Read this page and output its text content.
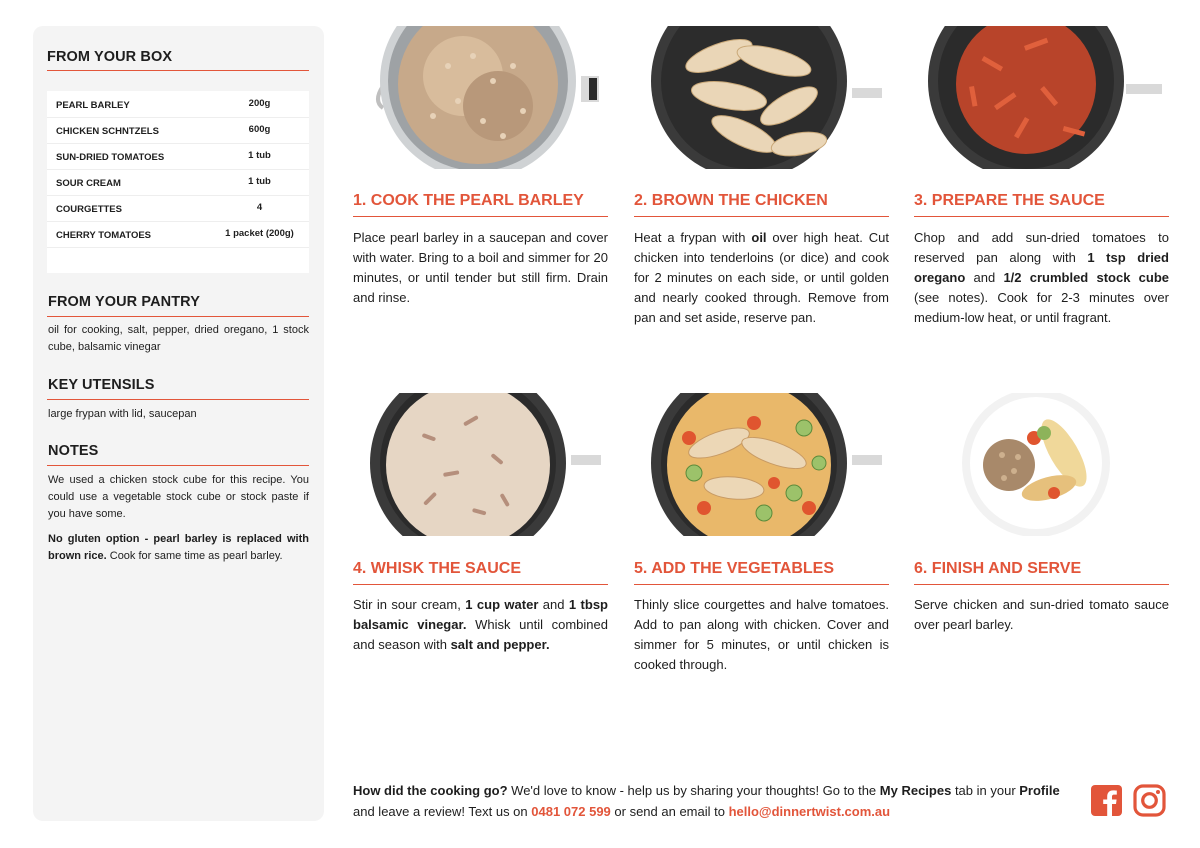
FROM YOUR BOX
PEARL BARLEY	200g
CHICKEN SCHNTZELS	600g
SUN-DRIED TOMATOES	1 tub
SOUR CREAM	1 tub
COURGETTES	4
CHERRY TOMATOES	1 packet (200g)
FROM YOUR PANTRY
oil for cooking, salt, pepper, dried oregano, 1 stock cube, balsamic vinegar
KEY UTENSILS
large frypan with lid, saucepan
NOTES
We used a chicken stock cube for this recipe. You could use a vegetable stock cube or stock paste if you have some.
No gluten option - pearl barley is replaced with brown rice. Cook for same time as pearl barley.
1. COOK THE PEARL BARLEY
Place pearl barley in a saucepan and cover with water. Bring to a boil and simmer for 20 minutes, or until tender but still firm. Drain and rinse.
2. BROWN THE CHICKEN
Heat a frypan with oil over high heat. Cut chicken into tenderloins (or dice) and cook for 2 minutes on each side, or until golden and nearly cooked through. Remove from pan and set aside, reserve pan.
3. PREPARE THE SAUCE
Chop and add sun-dried tomatoes to reserved pan along with 1 tsp dried oregano and 1/2 crumbled stock cube (see notes). Cook for 2-3 minutes over medium-low heat, or until fragrant.
4. WHISK THE SAUCE
Stir in sour cream, 1 cup water and 1 tbsp balsamic vinegar. Whisk until combined and season with salt and pepper.
5. ADD THE VEGETABLES
Thinly slice courgettes and halve tomatoes. Add to pan along with chicken. Cover and simmer for 5 minutes, or until chicken is cooked through.
6. FINISH AND SERVE
Serve chicken and sun-dried tomato sauce over pearl barley.
How did the cooking go? We'd love to know - help us by sharing your thoughts! Go to the My Recipes tab in your Profile and leave a review! Text us on 0481 072 599 or send an email to hello@dinnertwist.com.au
